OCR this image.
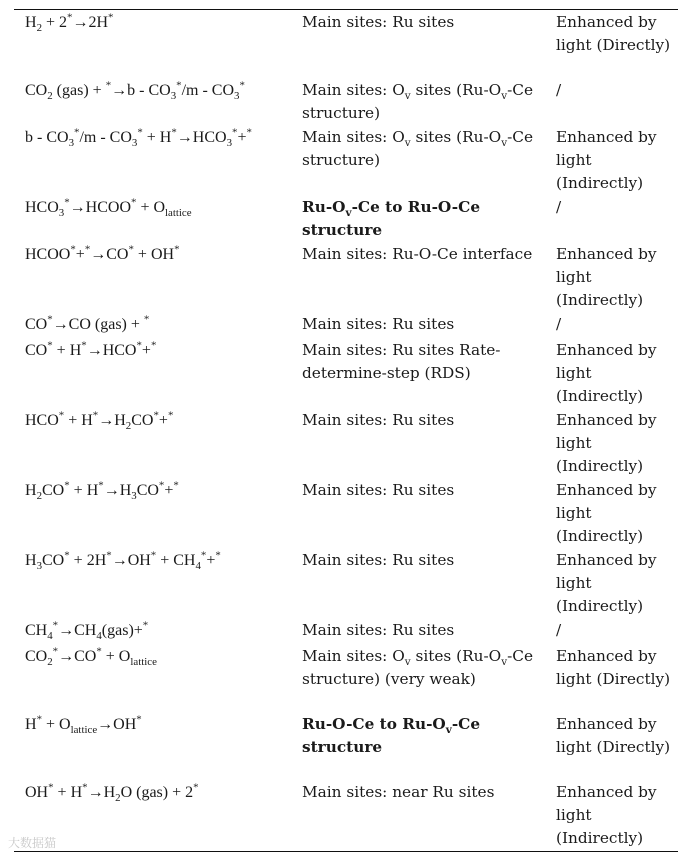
$H_2 + 2^*\to 2H^*$	Main sites: Ru sites	Enhanced by light (Directly)
$CO_2$ $(gas) + ^*\to b - CO_3^*/m - CO_3^*$	Main sites: $O_v$ sites ($Ru-O_v-Ce$ structure)	/
$b - CO_3^*/m - CO_3^* + H^*\to HCO_3^*+^*$	Main sites: $O_v$ sites ($Ru-O_v-Ce$ structure)	Enhanced by light (Indirectly)
$HCO_3^*\to HCOO^* + O_{lattice}$	$Ru-O_v-Ce$ to Ru-O-Ce structure	/
HCOO*+*→CO* + OH*	Main sites: Ru-O-Ce interface	Enhanced by light (Indirectly)
CO*→CO (gas) + *	Main sites: Ru sites	/
CO* + H*→HCO*+*	Main sites: Ru sites Rate-determine-step (RDS)	Enhanced by light (Indirectly)
$HCO^* + H^*\to H_2CO^*+^*$	Main sites: Ru sites	Enhanced by light (Indirectly)
$H_2CO^* + H^*\to H_3CO^*+^*$	Main sites: Ru sites	Enhanced by light (Indirectly)
$H_3CO^* + 2H^*\to OH^* + CH_4^*+^*$	Main sites: Ru sites	Enhanced by light (Indirectly)
$CH_4^*\to CH_4(gas)+^*$	Main sites: Ru sites	/
$CO_2^*\to CO^* + O_{lattice}$	Main sites: $O_v$ sites ($Ru-O_v-Ce$ structure) (very weak)	Enhanced by light (Directly)
$H^* + O_{lattice}\to OH^*$	Ru-O-Ce to $Ru-O_v-Ce$ structure	Enhanced by light (Directly)
$OH^* + H^*\to H_2O$ (gas) + 2*	Main sites: near Ru sites	Enhanced by light (Indirectly)
大数据猫
